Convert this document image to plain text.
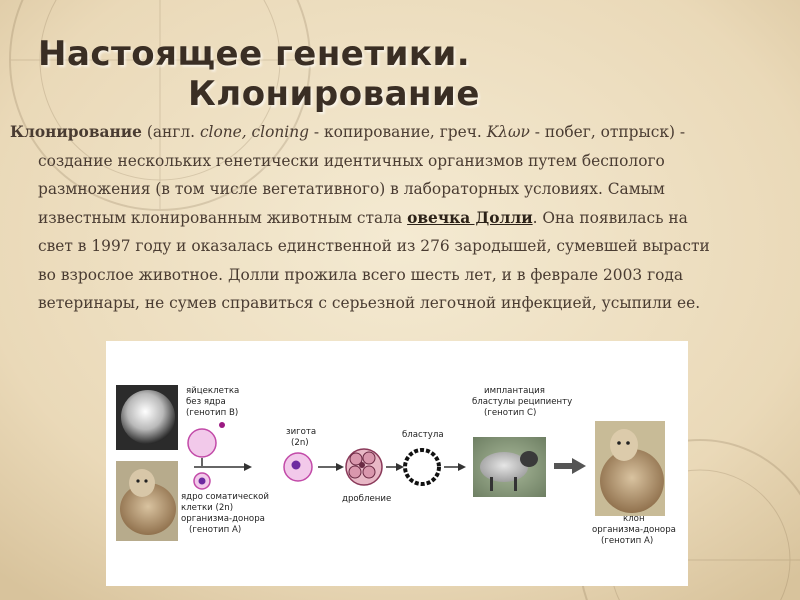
Настоящее генетики.
Клонирование
Клонирование (англ. clone, cloning - копирование, греч. Κλων - побег, отпрыск) -
создание нескольких генетически идентичных организмов путем бесполого
размножения (в том числе вегетативного) в лабораторных условиях. Самым
известным клонированным животным стала овечка Долли. Она появилась на
свет в 1997 году и оказалась единственной из 276 зародышей, сумевшей вырасти
во взрослое животное. Долли прожила всего шесть лет, и в феврале 2003 года
ветеринары, не сумев справиться с серьезной легочной инфекцией, усыпили ее.
яйцеклетка без ядра (генотип В)
ядро соматической клетки (2n) организма-донора (генотип А)
зигота (2n)
бластула
дробление
имплантация бластулы реципиенту (генотип С)
клон организма-донора (генотип А)
